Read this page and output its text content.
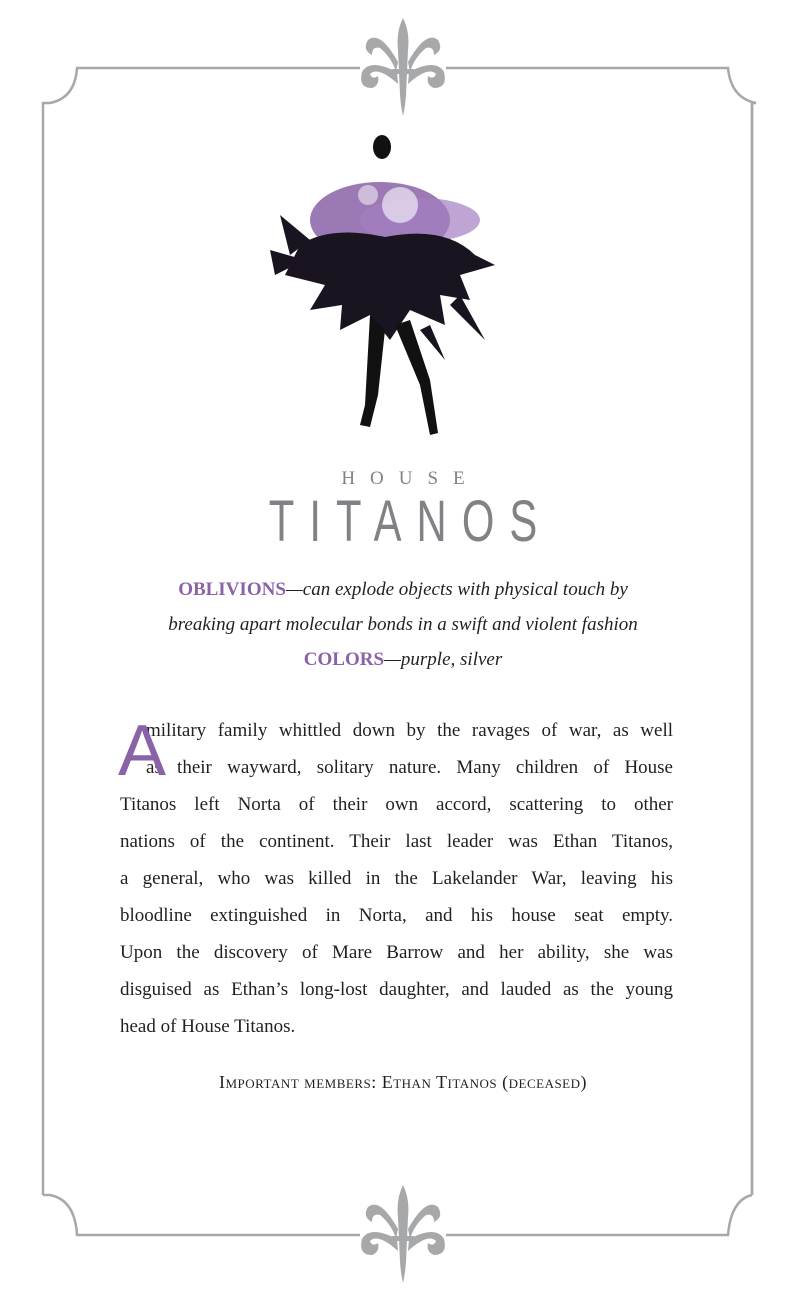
HOUSE
TITANOS
OBLIVIONS—can explode objects with physical touch by
breaking apart molecular bonds in a swift and violent fashion
COLORS—purple, silver
A
military family whittled down by the ravages of war, as well
as their wayward, solitary nature. Many children of House
Titanos left Norta of their own accord, scattering to other
nations of the continent. Their last leader was Ethan Titanos,
a general, who was killed in the Lakelander War, leaving his
bloodline extinguished in Norta, and his house seat empty.
Upon the discovery of Mare Barrow and her ability, she was
disguised as Ethan’s long-lost daughter, and lauded as the young
head of House Titanos.
Important members: Ethan Titanos (deceased)
